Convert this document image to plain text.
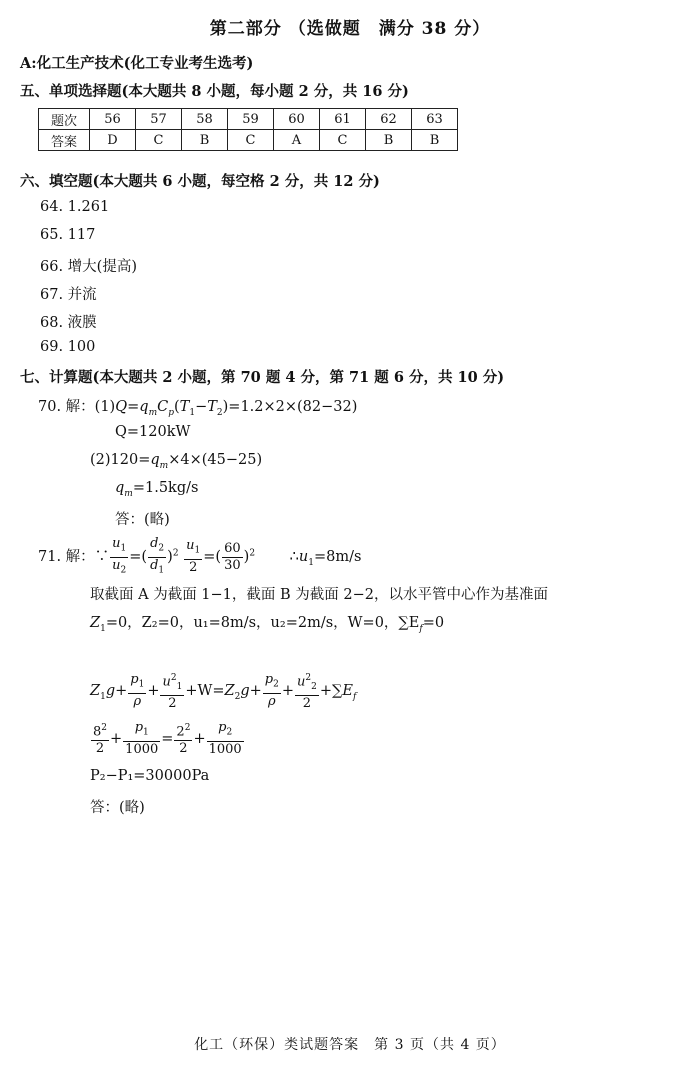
第二部分 （选做题　满分 38 分）
A:化工生产技术(化工专业考生选考)
五、单项选择题(本大题共 8 小题，每小题 2 分，共 16 分)
题次	56	57	58	59	60	61	62	63
答案	D	C	B	C	A	C	B	B
六、填空题(本大题共 6 小题，每空格 2 分，共 12 分)
64. 1.261
65. 117
66. 增大(提高)
67. 并流
68. 液膜
69. 100
七、计算题(本大题共 2 小题，第 70 题 4 分，第 71 题 6 分，共 10 分)
70. 解：$(1)Q=q_mC_p(T_1-T_2)=1.2\times 2\times(82-32)$
Q=120kW
$(2)120=q_m\times 4\times(45-25)$
$q_m=1.5kg/s$
答：(略)
71. 解：∵ $\frac{u_1}{u_2}$ =( $\frac{d_2}{d_1} )^2 \frac{u_1}{2}$ =( $\frac{60}{30} )^2$ $\therefore u_1=8m/s$
取截面 A 为截面 1−1，截面 B 为截面 2−2，以水平管中心作为基准面
$Z_1=0$，Z₂=0，u₁=8m/s，u₂=2m/s，W=0，$\sum E_f=0$
$Z_1g+ \frac{p_1}{\rho} + \frac{u^2_1}{2} +W=Z_2g+ \frac{p_2}{\rho} + \frac{u^2_2}{2} +\sum E_f$
$\frac{8^2}{2} + \frac{p_1}{1000} = \frac{2^2}{2} + \frac{p_2}{1000}$
P₂−P₁=30000Pa
答：(略)
化工（环保）类试题答案　第 3 页（共 4 页）
